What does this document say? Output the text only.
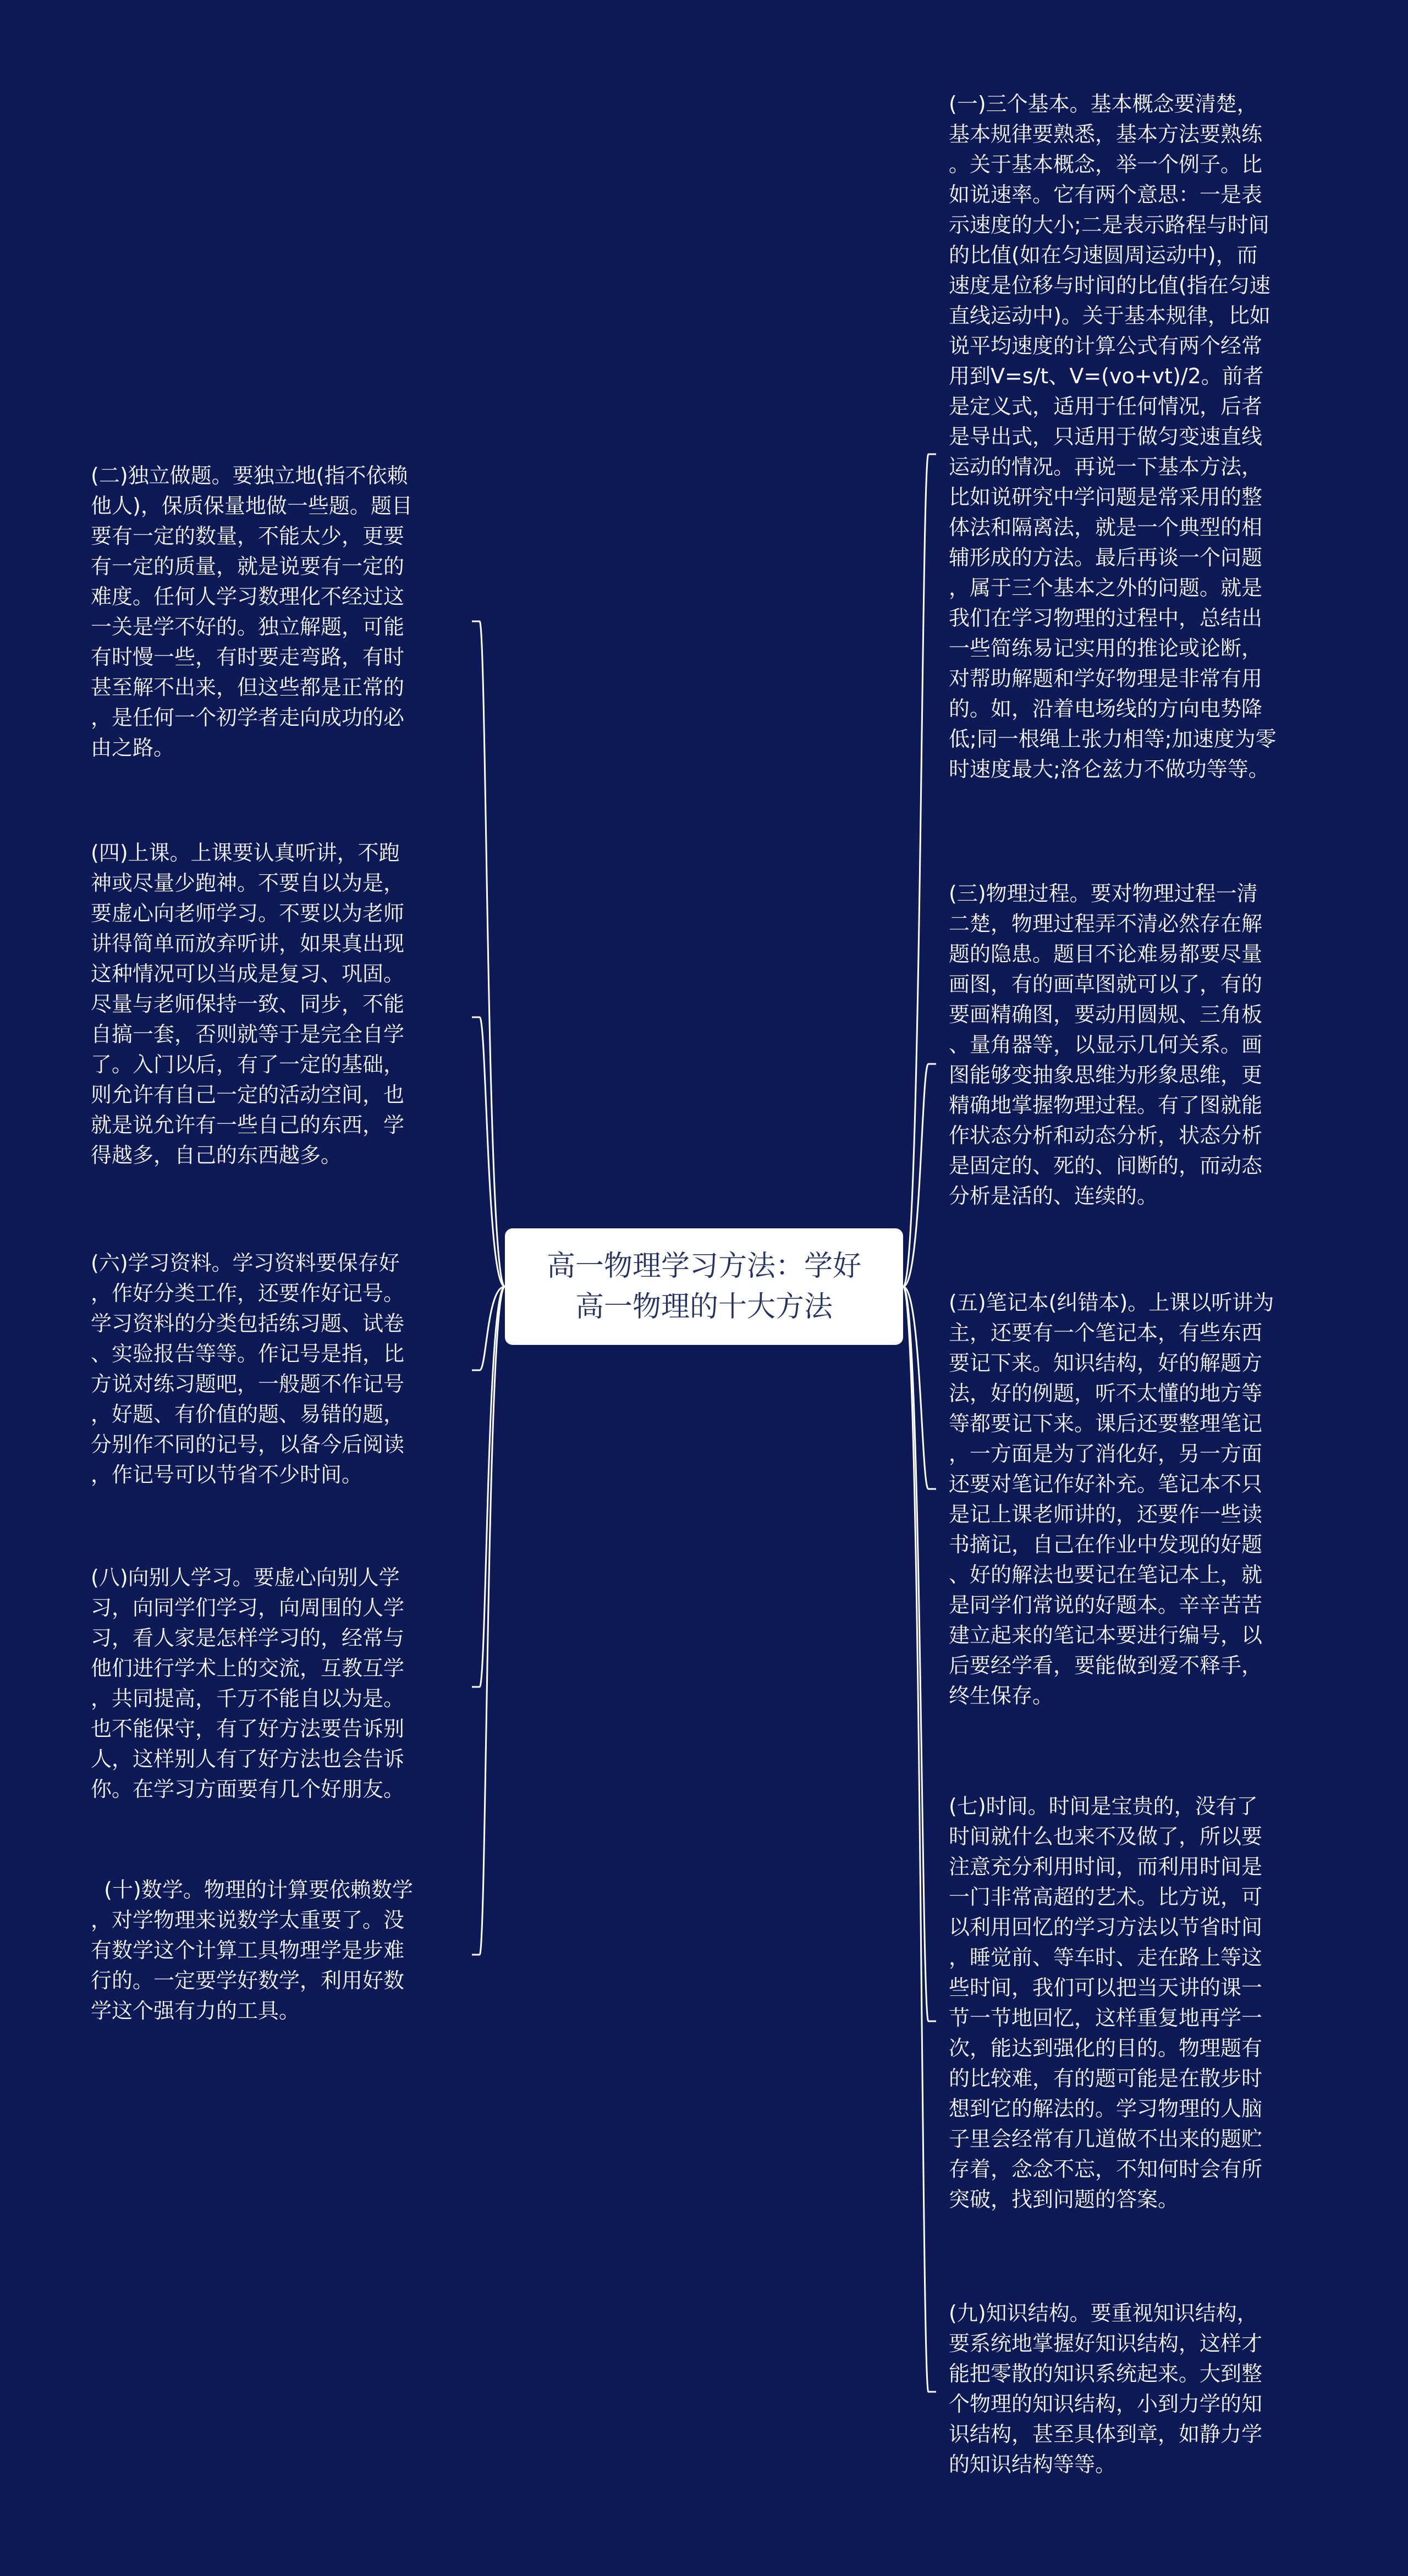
高一物理学习方法：学好
高一物理的十大方法

(二)独立做题。要独立地(指不依赖
他人)，保质保量地做一些题。题目
要有一定的数量，不能太少，更要
有一定的质量，就是说要有一定的
难度。任何人学习数理化不经过这
一关是学不好的。独立解题，可能
有时慢一些，有时要走弯路，有时
甚至解不出来，但这些都是正常的
，是任何一个初学者走向成功的必
由之路。

(四)上课。上课要认真听讲，不跑
神或尽量少跑神。不要自以为是，
要虚心向老师学习。不要以为老师
讲得简单而放弃听讲，如果真出现
这种情况可以当成是复习、巩固。
尽量与老师保持一致、同步，不能
自搞一套，否则就等于是完全自学
了。入门以后，有了一定的基础，
则允许有自己一定的活动空间，也
就是说允许有一些自己的东西，学
得越多，自己的东西越多。

(六)学习资料。学习资料要保存好
，作好分类工作，还要作好记号。
学习资料的分类包括练习题、试卷
、实验报告等等。作记号是指，比
方说对练习题吧，一般题不作记号
，好题、有价值的题、易错的题，
分别作不同的记号，以备今后阅读
，作记号可以节省不少时间。

(八)向别人学习。要虚心向别人学
习，向同学们学习，向周围的人学
习，看人家是怎样学习的，经常与
他们进行学术上的交流，互教互学
，共同提高，千万不能自以为是。
也不能保守，有了好方法要告诉别
人，这样别人有了好方法也会告诉
你。在学习方面要有几个好朋友。

(十)数学。物理的计算要依赖数学
，对学物理来说数学太重要了。没
有数学这个计算工具物理学是步难
行的。一定要学好数学，利用好数
学这个强有力的工具。

(一)三个基本。基本概念要清楚，
基本规律要熟悉，基本方法要熟练
。关于基本概念，举一个例子。比
如说速率。它有两个意思：一是表
示速度的大小;二是表示路程与时间
的比值(如在匀速圆周运动中)，而
速度是位移与时间的比值(指在匀速
直线运动中)。关于基本规律，比如
说平均速度的计算公式有两个经常
用到V=s/t、V=(vo+vt)/2。前者
是定义式，适用于任何情况，后者
是导出式，只适用于做匀变速直线
运动的情况。再说一下基本方法，
比如说研究中学问题是常采用的整
体法和隔离法，就是一个典型的相
辅形成的方法。最后再谈一个问题
，属于三个基本之外的问题。就是
我们在学习物理的过程中，总结出
一些简练易记实用的推论或论断，
对帮助解题和学好物理是非常有用
的。如，沿着电场线的方向电势降
低;同一根绳上张力相等;加速度为零
时速度最大;洛仑兹力不做功等等。

(三)物理过程。要对物理过程一清
二楚，物理过程弄不清必然存在解
题的隐患。题目不论难易都要尽量
画图，有的画草图就可以了，有的
要画精确图，要动用圆规、三角板
、量角器等，以显示几何关系。画
图能够变抽象思维为形象思维，更
精确地掌握物理过程。有了图就能
作状态分析和动态分析，状态分析
是固定的、死的、间断的，而动态
分析是活的、连续的。

(五)笔记本(纠错本)。上课以听讲为
主，还要有一个笔记本，有些东西
要记下来。知识结构，好的解题方
法，好的例题，听不太懂的地方等
等都要记下来。课后还要整理笔记
，一方面是为了消化好，另一方面
还要对笔记作好补充。笔记本不只
是记上课老师讲的，还要作一些读
书摘记，自己在作业中发现的好题
、好的解法也要记在笔记本上，就
是同学们常说的好题本。辛辛苦苦
建立起来的笔记本要进行编号，以
后要经学看，要能做到爱不释手，
终生保存。

(七)时间。时间是宝贵的，没有了
时间就什么也来不及做了，所以要
注意充分利用时间，而利用时间是
一门非常高超的艺术。比方说，可
以利用回忆的学习方法以节省时间
，睡觉前、等车时、走在路上等这
些时间，我们可以把当天讲的课一
节一节地回忆，这样重复地再学一
次，能达到强化的目的。物理题有
的比较难，有的题可能是在散步时
想到它的解法的。学习物理的人脑
子里会经常有几道做不出来的题贮
存着，念念不忘，不知何时会有所
突破，找到问题的答案。

(九)知识结构。要重视知识结构，
要系统地掌握好知识结构，这样才
能把零散的知识系统起来。大到整
个物理的知识结构，小到力学的知
识结构，甚至具体到章，如静力学
的知识结构等等。
